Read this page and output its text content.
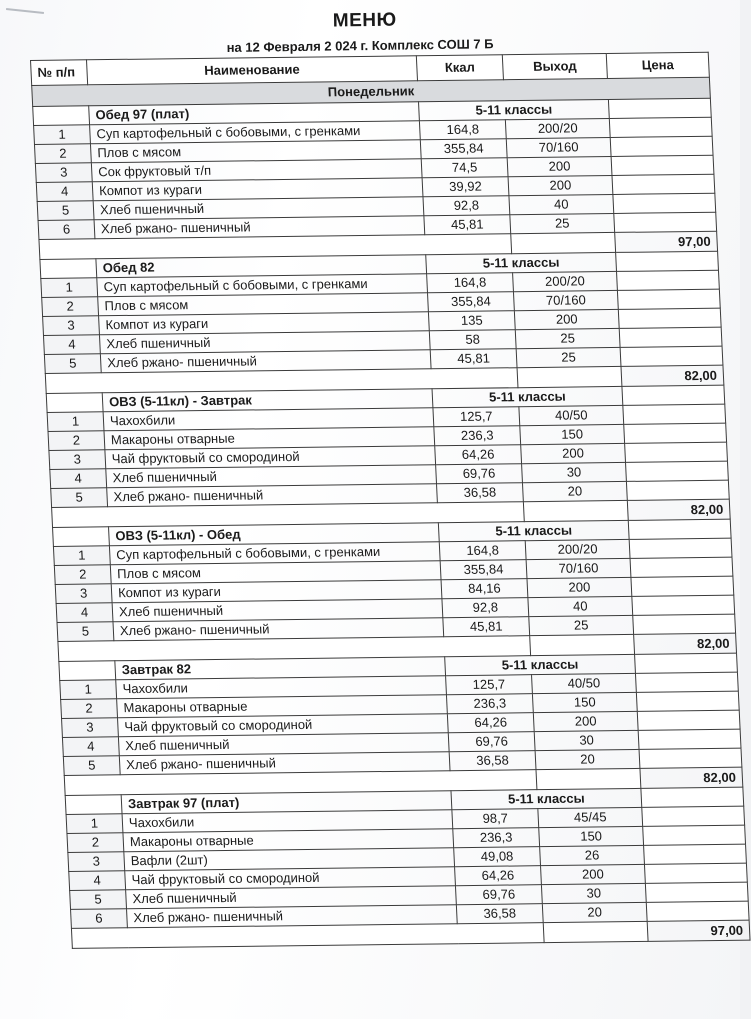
МЕНЮ
на 12 Февраля 2 024 г. Комплекс СОШ 7 Б
№ п/п	Наименование	Ккал	Выход	Цена
Понедельник				
	Обед 97 (плат)	5-11 классы		
1	Суп картофельный с бобовыми, с гренками	164,8	200/20	
2	Плов с мясом	355,84	70/160	
3	Сок фруктовый т/п	74,5	200	
4	Компот из кураги	39,92	200	
5	Хлеб пшеничный	92,8	40	
6	Хлеб ржано- пшеничный	45,81	25	
				97,00
	Обед 82	5-11 классы		
1	Суп картофельный с бобовыми, с гренками	164,8	200/20	
2	Плов с мясом	355,84	70/160	
3	Компот из кураги	135	200	
4	Хлеб пшеничный	58	25	
5	Хлеб ржано- пшеничный	45,81	25	
				82,00
	ОВЗ (5-11кл) - Завтрак	5-11 классы		
1	Чахохбили	125,7	40/50	
2	Макароны отварные	236,3	150	
3	Чай фруктовый со смородиной	64,26	200	
4	Хлеб пшеничный	69,76	30	
5	Хлеб ржано- пшеничный	36,58	20	
				82,00
	ОВЗ (5-11кл) - Обед	5-11 классы		
1	Суп картофельный с бобовыми, с гренками	164,8	200/20	
2	Плов с мясом	355,84	70/160	
3	Компот из кураги	84,16	200	
4	Хлеб пшеничный	92,8	40	
5	Хлеб ржано- пшеничный	45,81	25	
				82,00
	Завтрак 82	5-11 классы		
1	Чахохбили	125,7	40/50	
2	Макароны отварные	236,3	150	
3	Чай фруктовый со смородиной	64,26	200	
4	Хлеб пшеничный	69,76	30	
5	Хлеб ржано- пшеничный	36,58	20	
				82,00
	Завтрак 97 (плат)	5-11 классы		
1	Чахохбили	98,7	45/45	
2	Макароны отварные	236,3	150	
3	Вафли (2шт)	49,08	26	
4	Чай фруктовый со смородиной	64,26	200	
5	Хлеб пшеничный	69,76	30	
6	Хлеб ржано- пшеничный	36,58	20	
				97,00
